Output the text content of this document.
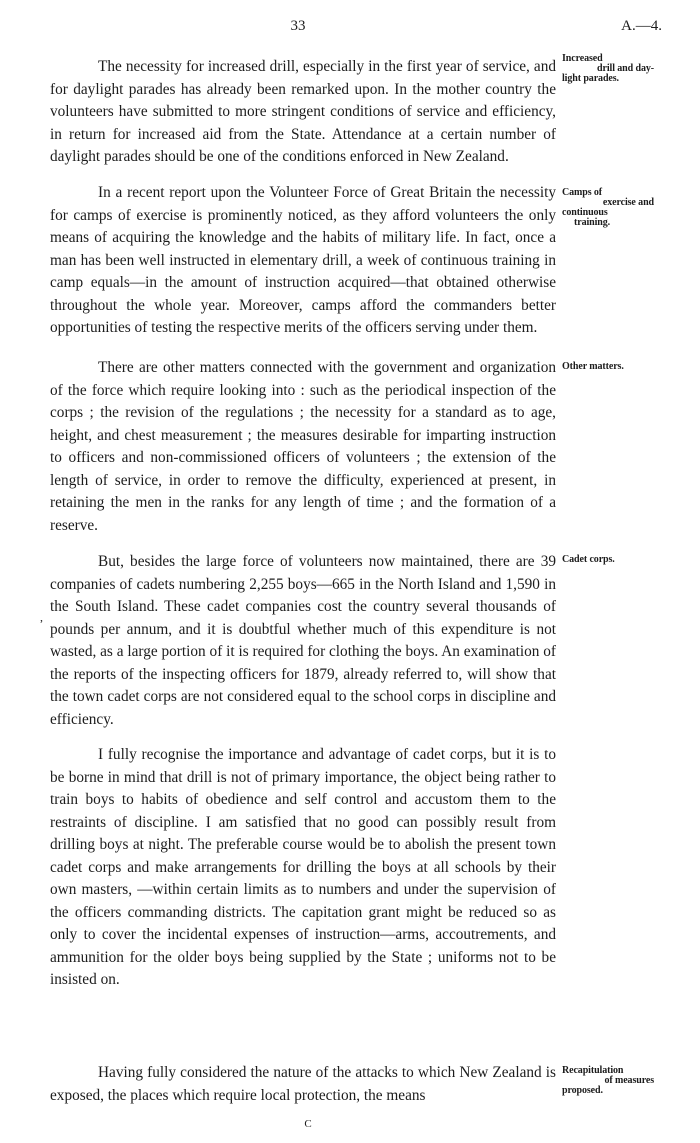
33	A.—4.
The necessity for increased drill, especially in the first year of service, and for daylight parades has already been remarked upon. In the mother country the volunteers have submitted to more stringent conditions of service and efficiency, in return for increased aid from the State. Attendance at a certain number of daylight parades should be one of the conditions enforced in New Zealand.
In a recent report upon the Volunteer Force of Great Britain the necessity for camps of exercise is prominently noticed, as they afford volunteers the only means of acquiring the knowledge and the habits of military life. In fact, once a man has been well instructed in elementary drill, a week of continuous training in camp equals—in the amount of instruction acquired—that obtained otherwise throughout the whole year. Moreover, camps afford the commanders better opportunities of testing the respective merits of the officers serving under them.
There are other matters connected with the government and organization of the force which require looking into : such as the periodical inspection of the corps ; the revision of the regulations ; the necessity for a standard as to age, height, and chest measurement ; the measures desirable for imparting instruction to officers and non-commissioned officers of volunteers ; the extension of the length of service, in order to remove the difficulty, experienced at present, in retaining the men in the ranks for any length of time ; and the formation of a reserve.
But, besides the large force of volunteers now maintained, there are 39 companies of cadets numbering 2,255 boys—665 in the North Island and 1,590 in the South Island. These cadet companies cost the country several thousands of pounds per annum, and it is doubtful whether much of this expenditure is not wasted, as a large portion of it is required for clothing the boys. An examination of the reports of the inspecting officers for 1879, already referred to, will show that the town cadet corps are not considered equal to the school corps in discipline and efficiency.
I fully recognise the importance and advantage of cadet corps, but it is to be borne in mind that drill is not of primary importance, the object being rather to train boys to habits of obedience and self control and accustom them to the restraints of discipline. I am satisfied that no good can possibly result from drilling boys at night. The preferable course would be to abolish the present town cadet corps and make arrangements for drilling the boys at all schools by their own masters, —within certain limits as to numbers and under the supervision of the officers commanding districts. The capitation grant might be reduced so as only to cover the incidental expenses of instruction—arms, accoutrements, and ammunition for the older boys being supplied by the State ; uniforms not to be insisted on.
Having fully considered the nature of the attacks to which New Zealand is exposed, the places which require local protection, the means
Increased
drill and day-
light parades.
Camps of
exercise and
continuous
training.
Other matters.
Cadet corps.
Recapitulation
of measures
proposed.
,
C
